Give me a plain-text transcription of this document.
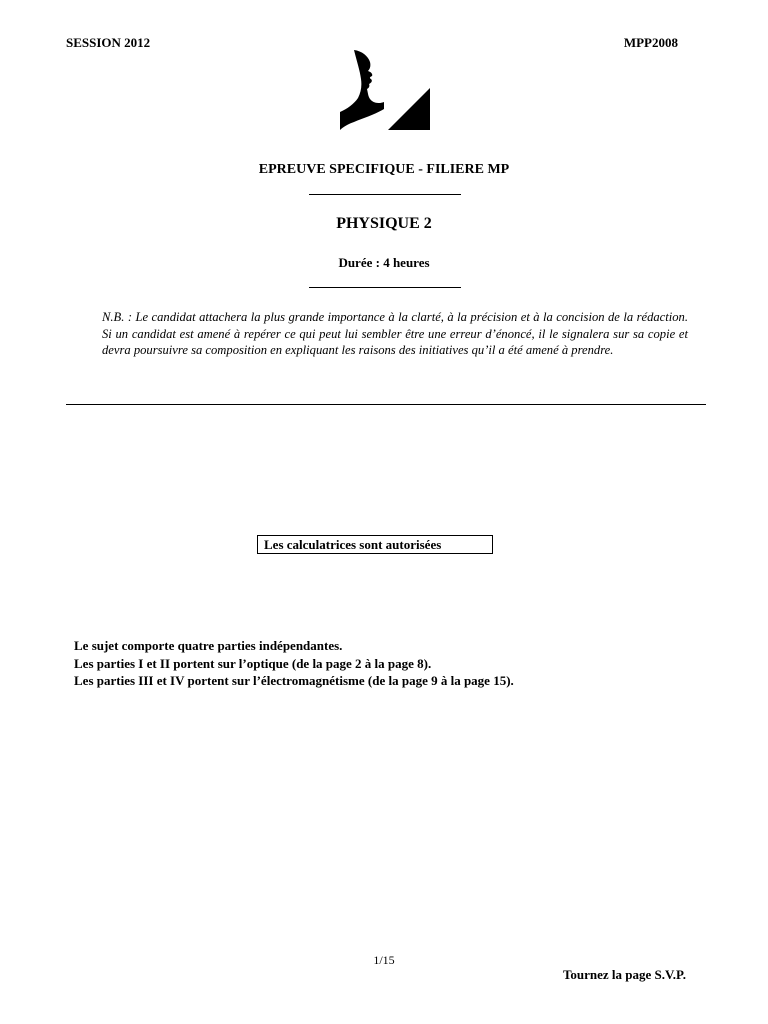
SESSION 2012	MPP2008
EPREUVE SPECIFIQUE - FILIERE MP
PHYSIQUE 2
Durée : 4 heures
N.B. : Le candidat attachera la plus grande importance à la clarté, à la précision et à la concision de la rédaction. Si un candidat est amené à repérer ce qui peut lui sembler être une erreur d’énoncé, il le signalera sur sa copie et devra poursuivre sa composition en expliquant les raisons des initiatives qu’il a été amené à prendre.
Les calculatrices sont autorisées
Le sujet comporte quatre parties indépendantes.
Les parties I et II portent sur l’optique (de la page 2 à la page 8).
Les parties III et IV portent sur l’électromagnétisme (de la page 9 à la page 15).
1/15
Tournez la page S.V.P.
